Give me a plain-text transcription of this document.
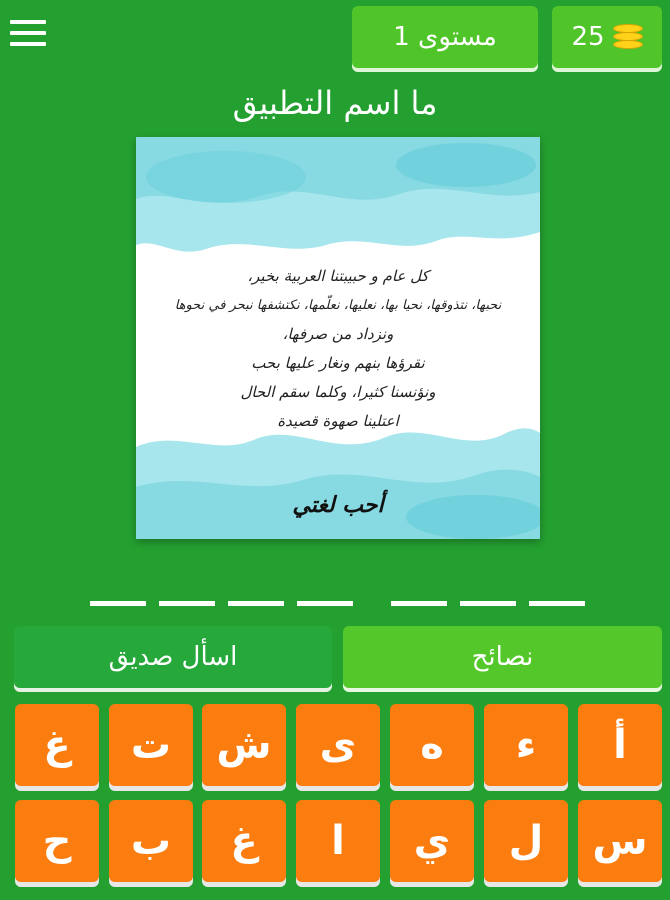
مستوى 1	25
ما اسم التطبيق
كل عام و حبيبتنا العربية بخير،
نحبها، نتذوقها، نحيا بها، نعليها، نعلّمها، نكتشفها نبحر في نحوها
ونزداد من صرفها،
نقرؤها بنهم ونغار عليها بحب
ونؤنسنا كثيرا، وكلما سقم الحال
اعتلينا صهوة قصيدة
أحب لغتي
اسأل صديق	نصائح
أ
ء
ه
ى
ش
ت
غ
س
ل
ي
ا
غ
ب
ح
